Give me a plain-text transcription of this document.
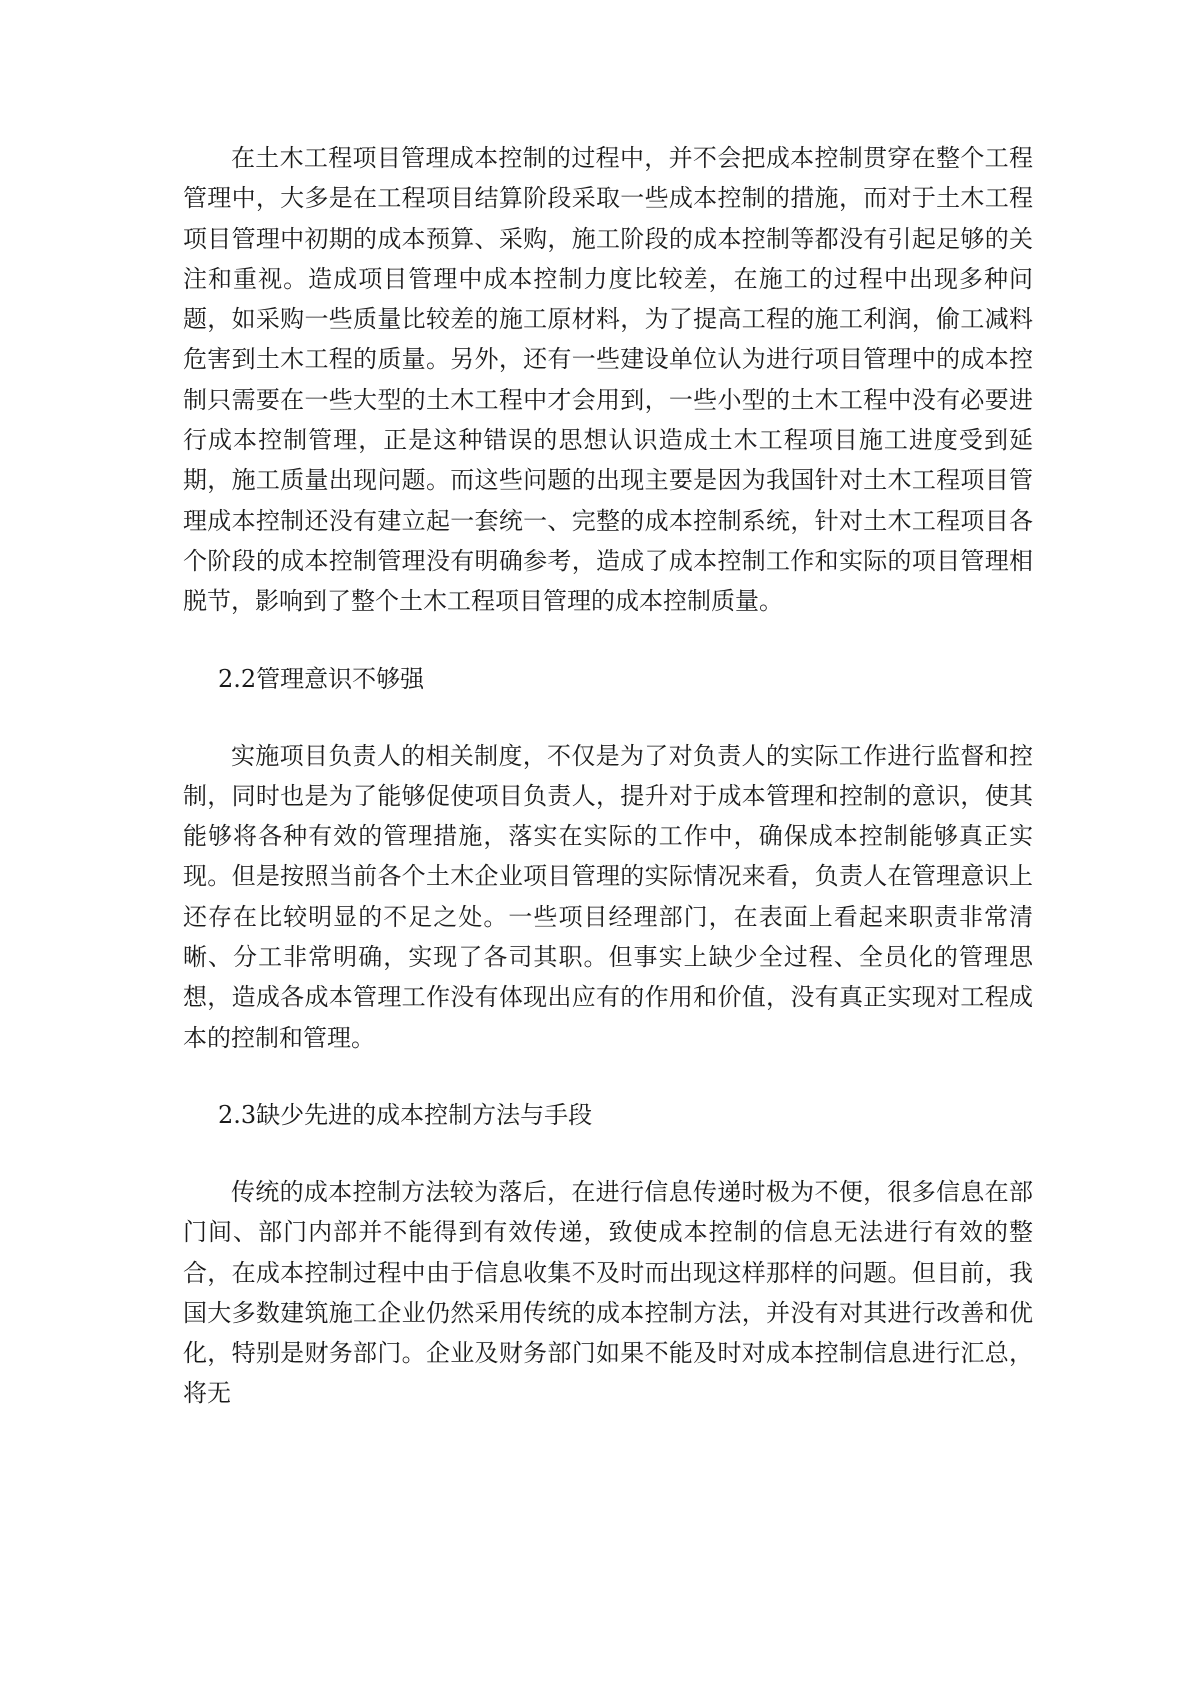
在土木工程项目管理成本控制的过程中，并不会把成本控制贯穿在整个工程管理中，大多是在工程项目结算阶段采取一些成本控制的措施，而对于土木工程项目管理中初期的成本预算、采购，施工阶段的成本控制等都没有引起足够的关注和重视。造成项目管理中成本控制力度比较差，在施工的过程中出现多种问题，如采购一些质量比较差的施工原材料，为了提高工程的施工利润，偷工减料危害到土木工程的质量。另外，还有一些建设单位认为进行项目管理中的成本控制只需要在一些大型的土木工程中才会用到，一些小型的土木工程中没有必要进行成本控制管理，正是这种错误的思想认识造成土木工程项目施工进度受到延期，施工质量出现问题。而这些问题的出现主要是因为我国针对土木工程项目管理成本控制还没有建立起一套统一、完整的成本控制系统，针对土木工程项目各个阶段的成本控制管理没有明确参考，造成了成本控制工作和实际的项目管理相脱节，影响到了整个土木工程项目管理的成本控制质量。

2.2管理意识不够强

实施项目负责人的相关制度，不仅是为了对负责人的实际工作进行监督和控制，同时也是为了能够促使项目负责人，提升对于成本管理和控制的意识，使其能够将各种有效的管理措施，落实在实际的工作中，确保成本控制能够真正实现。但是按照当前各个土木企业项目管理的实际情况来看，负责人在管理意识上还存在比较明显的不足之处。一些项目经理部门，在表面上看起来职责非常清晰、分工非常明确，实现了各司其职。但事实上缺少全过程、全员化的管理思想，造成各成本管理工作没有体现出应有的作用和价值，没有真正实现对工程成本的控制和管理。

2.3缺少先进的成本控制方法与手段

传统的成本控制方法较为落后，在进行信息传递时极为不便，很多信息在部门间、部门内部并不能得到有效传递，致使成本控制的信息无法进行有效的整合，在成本控制过程中由于信息收集不及时而出现这样那样的问题。但目前，我国大多数建筑施工企业仍然采用传统的成本控制方法，并没有对其进行改善和优化，特别是财务部门。企业及财务部门如果不能及时对成本控制信息进行汇总，将无
